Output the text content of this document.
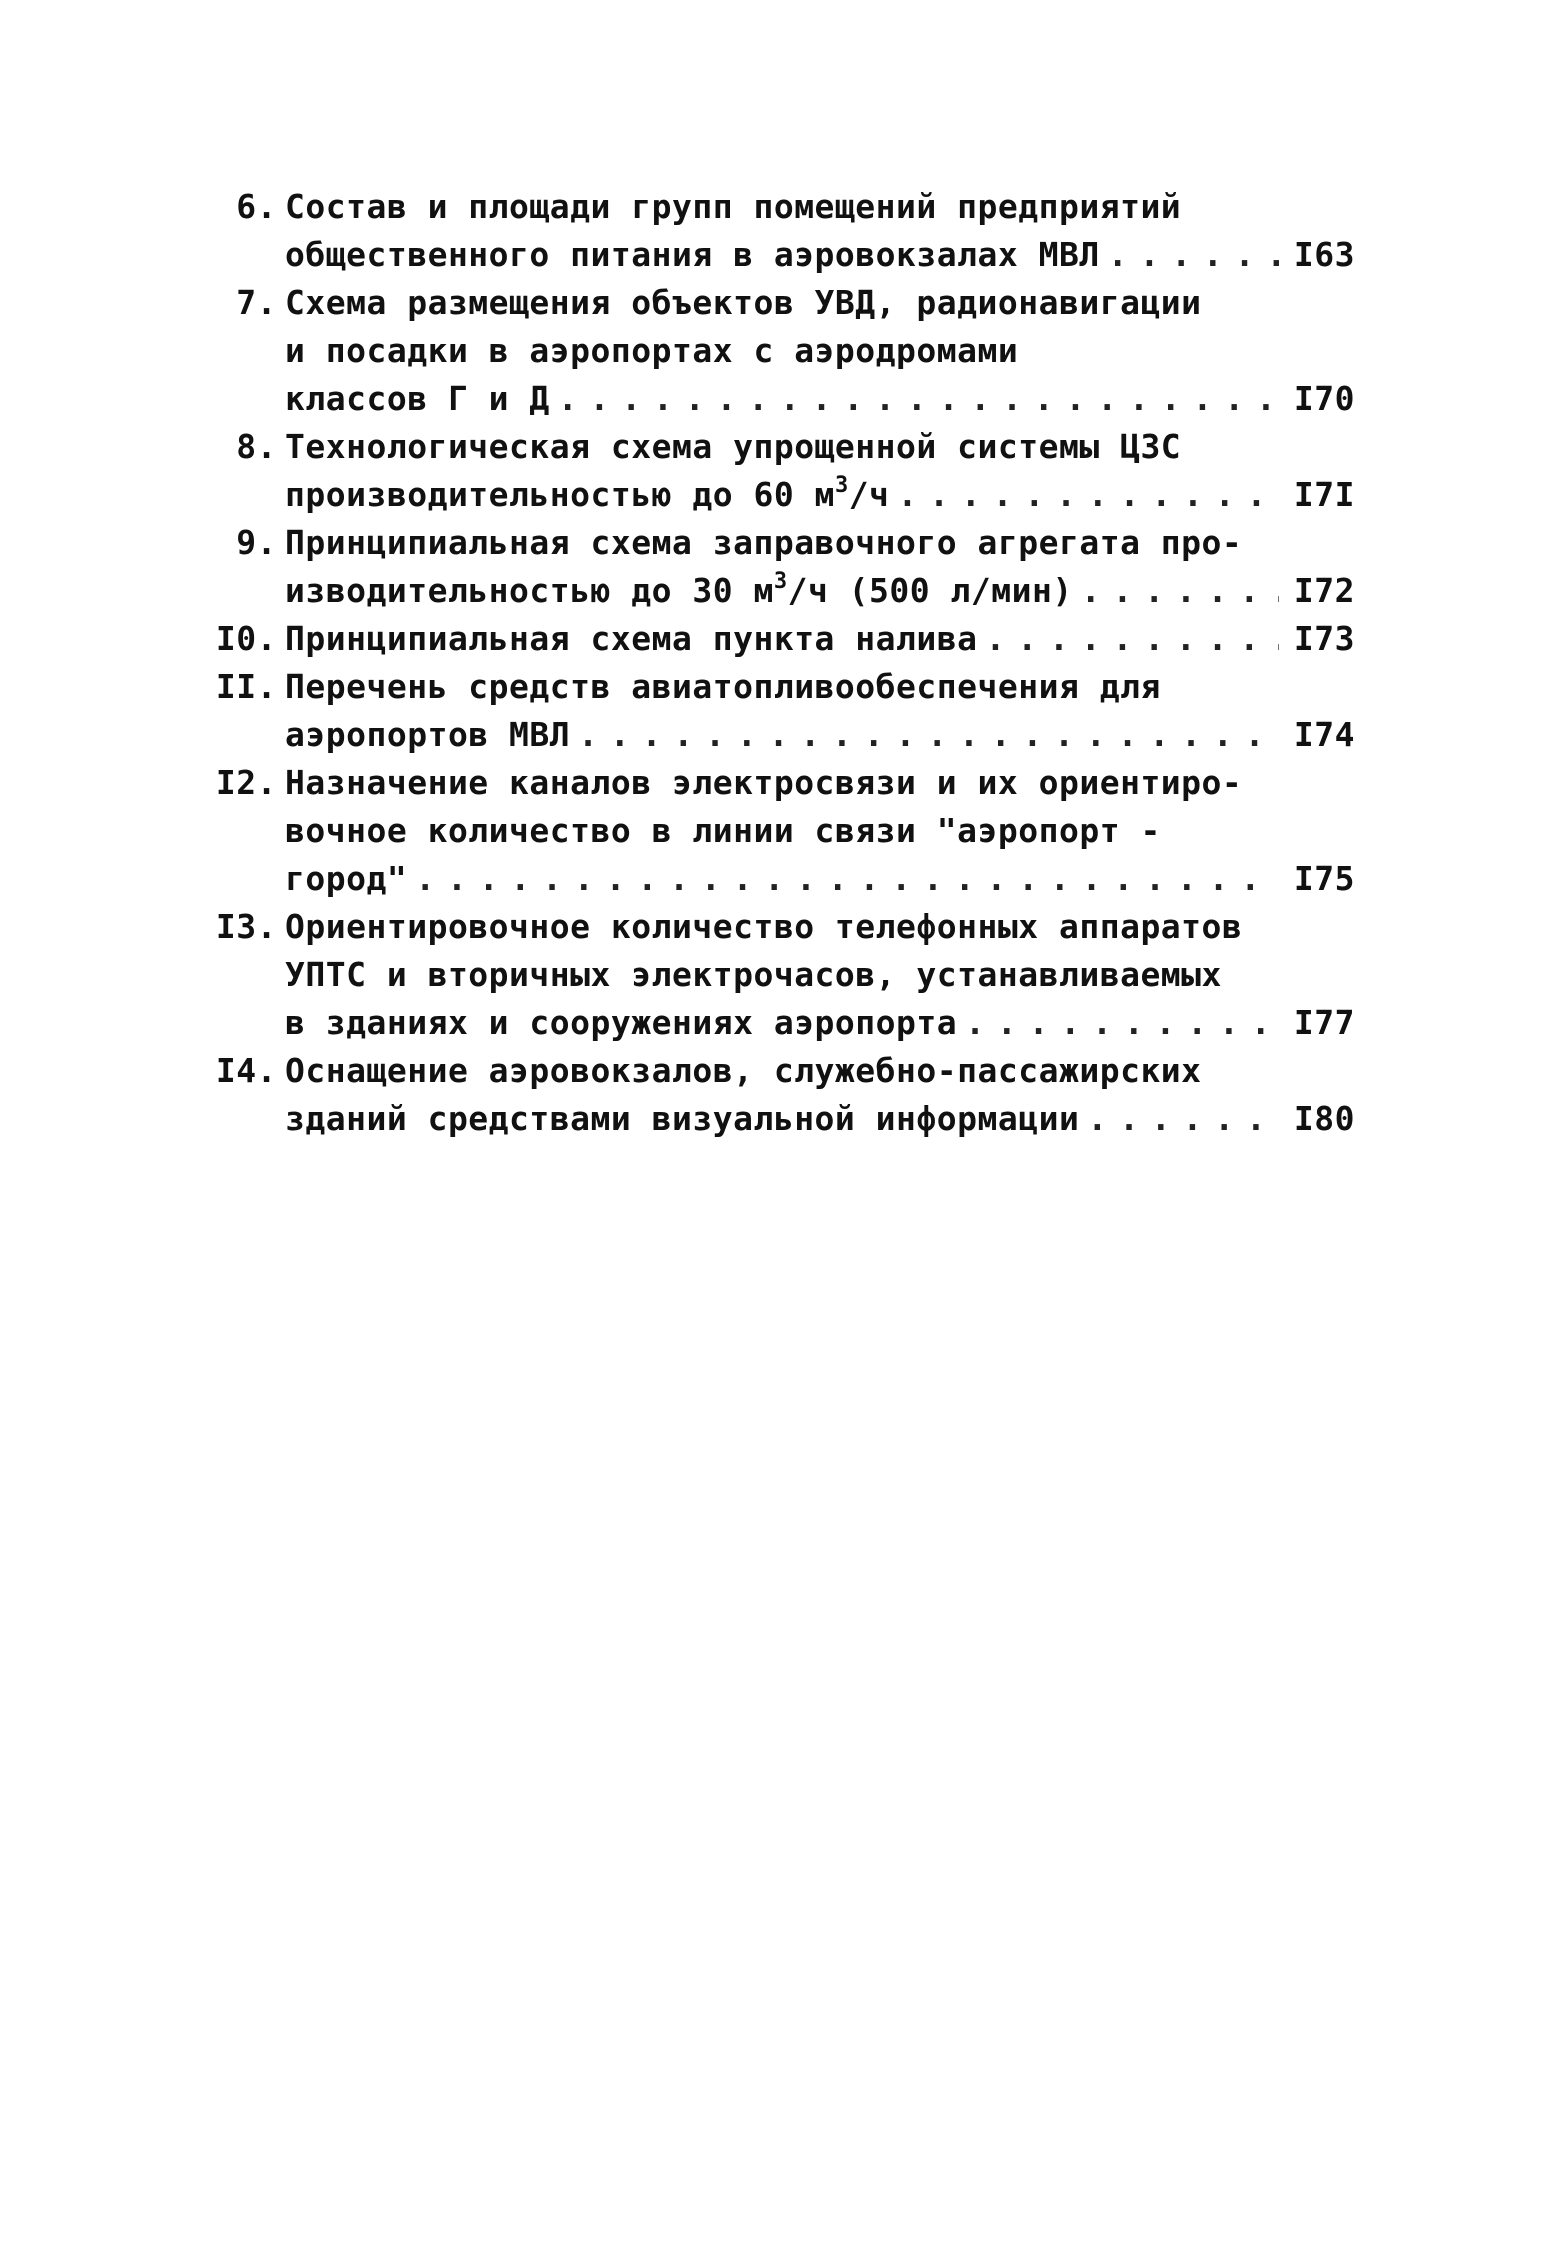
6. Состав и площади групп помещений предприятий
общественного питания в аэровокзалах МВЛ . . .	I63
7. Схема размещения объектов УВД, радионавигации
и посадки в аэропортах с аэродромами
классов Г и Д . . .	I70
8. Технологическая схема упрощенной системы ЦЗС
производительностью до 60 $м^3/ч$ . . .	I7I
9. Принципиальная схема заправочного агрегата про-
изводительностью до 30 $м^3/ч$ (500 л/мин) . . .	I72
I0. Принципиальная схема пункта налива . . .	I73
II. Перечень средств авиатопливообеспечения для
аэропортов МВЛ . . .	I74
I2. Назначение каналов электросвязи и их ориентиро-
вочное количество в линии связи "аэропорт -
город" . . .	I75
I3. Ориентировочное количество телефонных аппаратов
УПТС и вторичных электрочасов, устанавливаемых
в зданиях и сооружениях аэропорта . . .	I77
I4. Оснащение аэровокзалов, служебно-пассажирских
зданий средствами визуальной информации . . .	I80
